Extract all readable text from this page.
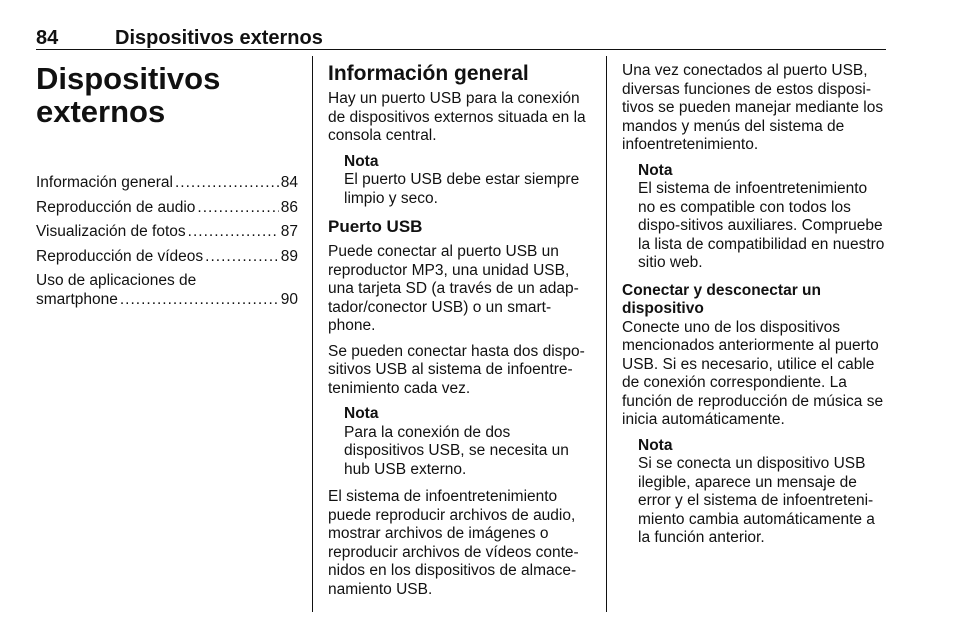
84	Dispositivos externos
Dispositivos
externos
Información general .....	84
Reproducción de audio .....	86
Visualización de fotos .....	87
Reproducción de vídeos .....	89
Uso de aplicaciones de
smartphone .....	90
Información general

Hay un puerto USB para la conexión de dispositivos externos situada en la consola central.

Nota
El puerto USB debe estar siempre limpio y seco.
Puerto USB

Puede conectar al puerto USB un reproductor MP3, una unidad USB, una tarjeta SD (a través de un adap-tador/conector USB) o un smart-phone.

Se pueden conectar hasta dos dispo-sitivos USB al sistema de infoentre-tenimiento cada vez.

Nota
Para la conexión de dos dispositivos USB, se necesita un hub USB externo.

El sistema de infoentretenimiento puede reproducir archivos de audio, mostrar archivos de imágenes o reproducir archivos de vídeos conte-nidos en los dispositivos de almace-namiento USB.

Una vez conectados al puerto USB, diversas funciones de estos disposi-tivos se pueden manejar mediante los mandos y menús del sistema de infoentretenimiento.

Nota
El sistema de infoentretenimiento no es compatible con todos los dispo-sitivos auxiliares. Compruebe la lista de compatibilidad en nuestro sitio web.
Conectar y desconectar un dispositivo

Conecte uno de los dispositivos mencionados anteriormente al puerto USB. Si es necesario, utilice el cable de conexión correspondiente. La función de reproducción de música se inicia automáticamente.

Nota
Si se conecta un dispositivo USB ilegible, aparece un mensaje de error y el sistema de infoentreteni-miento cambia automáticamente a la función anterior.
